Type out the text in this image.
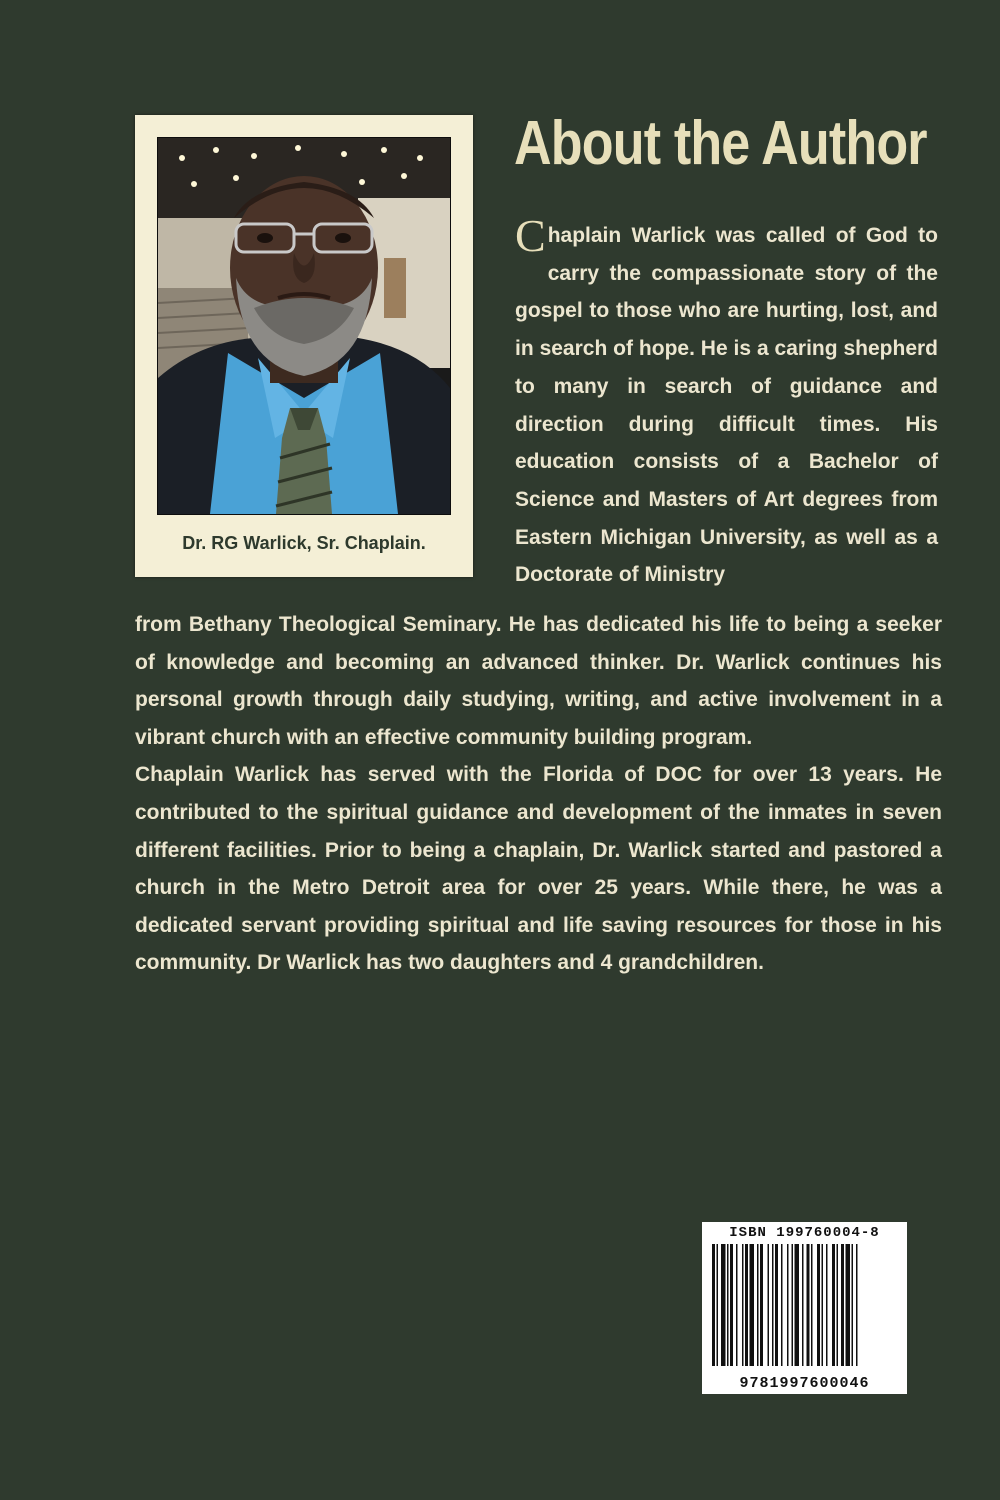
Dr. RG Warlick, Sr. Chaplain.
About the Author

Chaplain Warlick was called of God to carry the compassionate story of the gospel to those who are hurting, lost, and in search of hope. He is a caring shepherd to many in search of guidance and direction during difficult times. His education consists of a Bachelor of Science and Masters of Art degrees from Eastern Michigan University, as well as a Doctorate of Ministry

from Bethany Theological Seminary. He has dedicated his life to being a seeker of knowledge and becoming an advanced thinker. Dr. Warlick continues his personal growth through daily studying, writing, and active involvement in a vibrant church with an effective community building program.

Chaplain Warlick has served with the Florida of DOC for over 13 years. He contributed to the spiritual guidance and development of the inmates in seven different facilities. Prior to being a chaplain, Dr. Warlick started and pastored a church in the Metro Detroit area for over 25 years. While there, he was a dedicated servant providing spiritual and life saving resources for those in his community. Dr Warlick has two daughters and 4 grandchildren.

ISBN 199760004-8
9781997600046
